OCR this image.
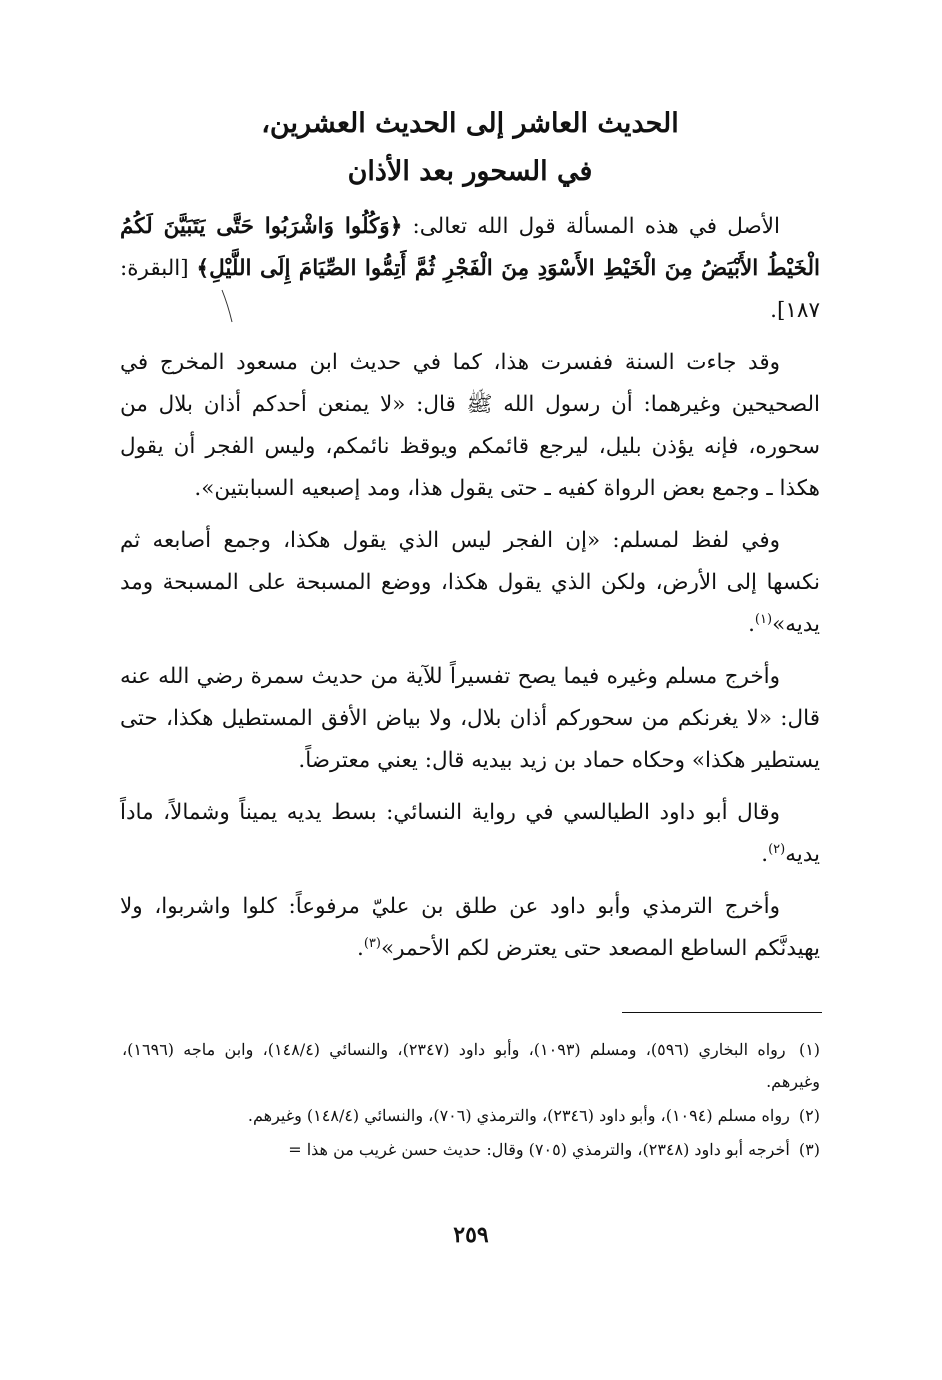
الحديث العاشر إلى الحديث العشرين،
في السحور بعد الأذان

الأصل في هذه المسألة قول الله تعالى: ﴿وَكُلُوا وَاشْرَبُوا حَتَّى يَتَبَيَّنَ لَكُمُ الْخَيْطُ الأَبْيَضُ مِنَ الْخَيْطِ الأَسْوَدِ مِنَ الْفَجْرِ ثُمَّ أَتِمُّوا الصِّيَامَ إِلَى اللَّيْلِ﴾ [البقرة: ١٨٧].

وقد جاءت السنة ففسرت هذا، كما في حديث ابن مسعود المخرج في الصحيحين وغيرهما: أن رسول الله ﷺ قال: «لا يمنعن أحدكم أذان بلال من سحوره، فإنه يؤذن بليل، ليرجع قائمكم ويوقظ نائمكم، وليس الفجر أن يقول هكذا ـ وجمع بعض الرواة كفيه ـ حتى يقول هذا، ومد إصبعيه السبابتين».

وفي لفظ لمسلم: «إن الفجر ليس الذي يقول هكذا، وجمع أصابعه ثم نكسها إلى الأرض، ولكن الذي يقول هكذا، ووضع المسبحة على المسبحة ومد يديه»$^{(١)}$.

وأخرج مسلم وغيره فيما يصح تفسيراً للآية من حديث سمرة رضي الله عنه قال: «لا يغرنكم من سحوركم أذان بلال، ولا بياض الأفق المستطيل هكذا، حتى يستطير هكذا» وحكاه حماد بن زيد بيديه قال: يعني معترضاً.

وقال أبو داود الطيالسي في رواية النسائي: بسط يديه يميناً وشمالاً، ماداً يديه$^{(٢)}$.

وأخرج الترمذي وأبو داود عن طلق بن عليّ مرفوعاً: كلوا واشربوا، ولا يهيدنَّكم الساطع المصعد حتى يعترض لكم الأحمر»$^{(٣)}$.

(١) رواه البخاري (٥٩٦)، ومسلم (١٠٩٣)، وأبو داود (٢٣٤٧)، والنسائي (١٤٨/٤)، وابن ماجه (١٦٩٦)، وغيرهم.

(٢) رواه مسلم (١٠٩٤)، وأبو داود (٢٣٤٦)، والترمذي (٧٠٦)، والنسائي (١٤٨/٤) وغيرهم.

(٣) أخرجه أبو داود (٢٣٤٨)، والترمذي (٧٠٥) وقال: حديث حسن غريب من هذا =

٢٥٩
